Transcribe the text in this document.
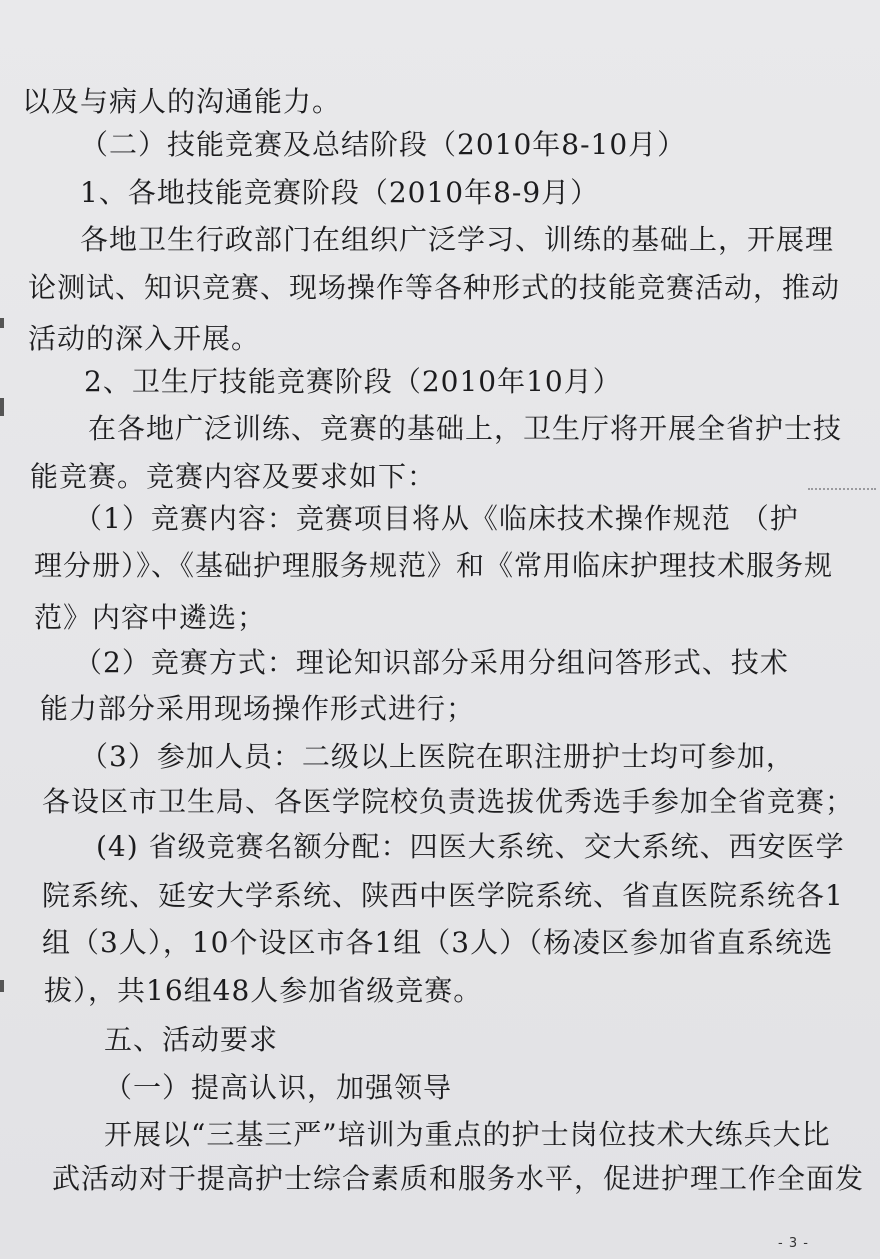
以及与病人的沟通能力。
（二）技能竞赛及总结阶段（2010年8-10月）
1、各地技能竞赛阶段（2010年8-9月）
各地卫生行政部门在组织广泛学习、训练的基础上，开展理
论测试、知识竞赛、现场操作等各种形式的技能竞赛活动，推动
活动的深入开展。
2、卫生厅技能竞赛阶段（2010年10月）
在各地广泛训练、竞赛的基础上，卫生厅将开展全省护士技
能竞赛。竞赛内容及要求如下：
（1）竞赛内容：竞赛项目将从《临床技术操作规范 （护
理分册）》、《基础护理服务规范》和《常用临床护理技术服务规
范》内容中遴选；
（2）竞赛方式：理论知识部分采用分组问答形式、技术
能力部分采用现场操作形式进行；
（3）参加人员：二级以上医院在职注册护士均可参加，
各设区市卫生局、各医学院校负责选拔优秀选手参加全省竞赛；
(4) 省级竞赛名额分配：四医大系统、交大系统、西安医学
院系统、延安大学系统、陕西中医学院系统、省直医院系统各1
组（3人），10个设区市各1组（3人）（杨凌区参加省直系统选
拔），共16组48人参加省级竞赛。
五、活动要求
（一）提高认识，加强领导
开展以“三基三严”培训为重点的护士岗位技术大练兵大比
武活动对于提高护士综合素质和服务水平，促进护理工作全面发
- 3 -
